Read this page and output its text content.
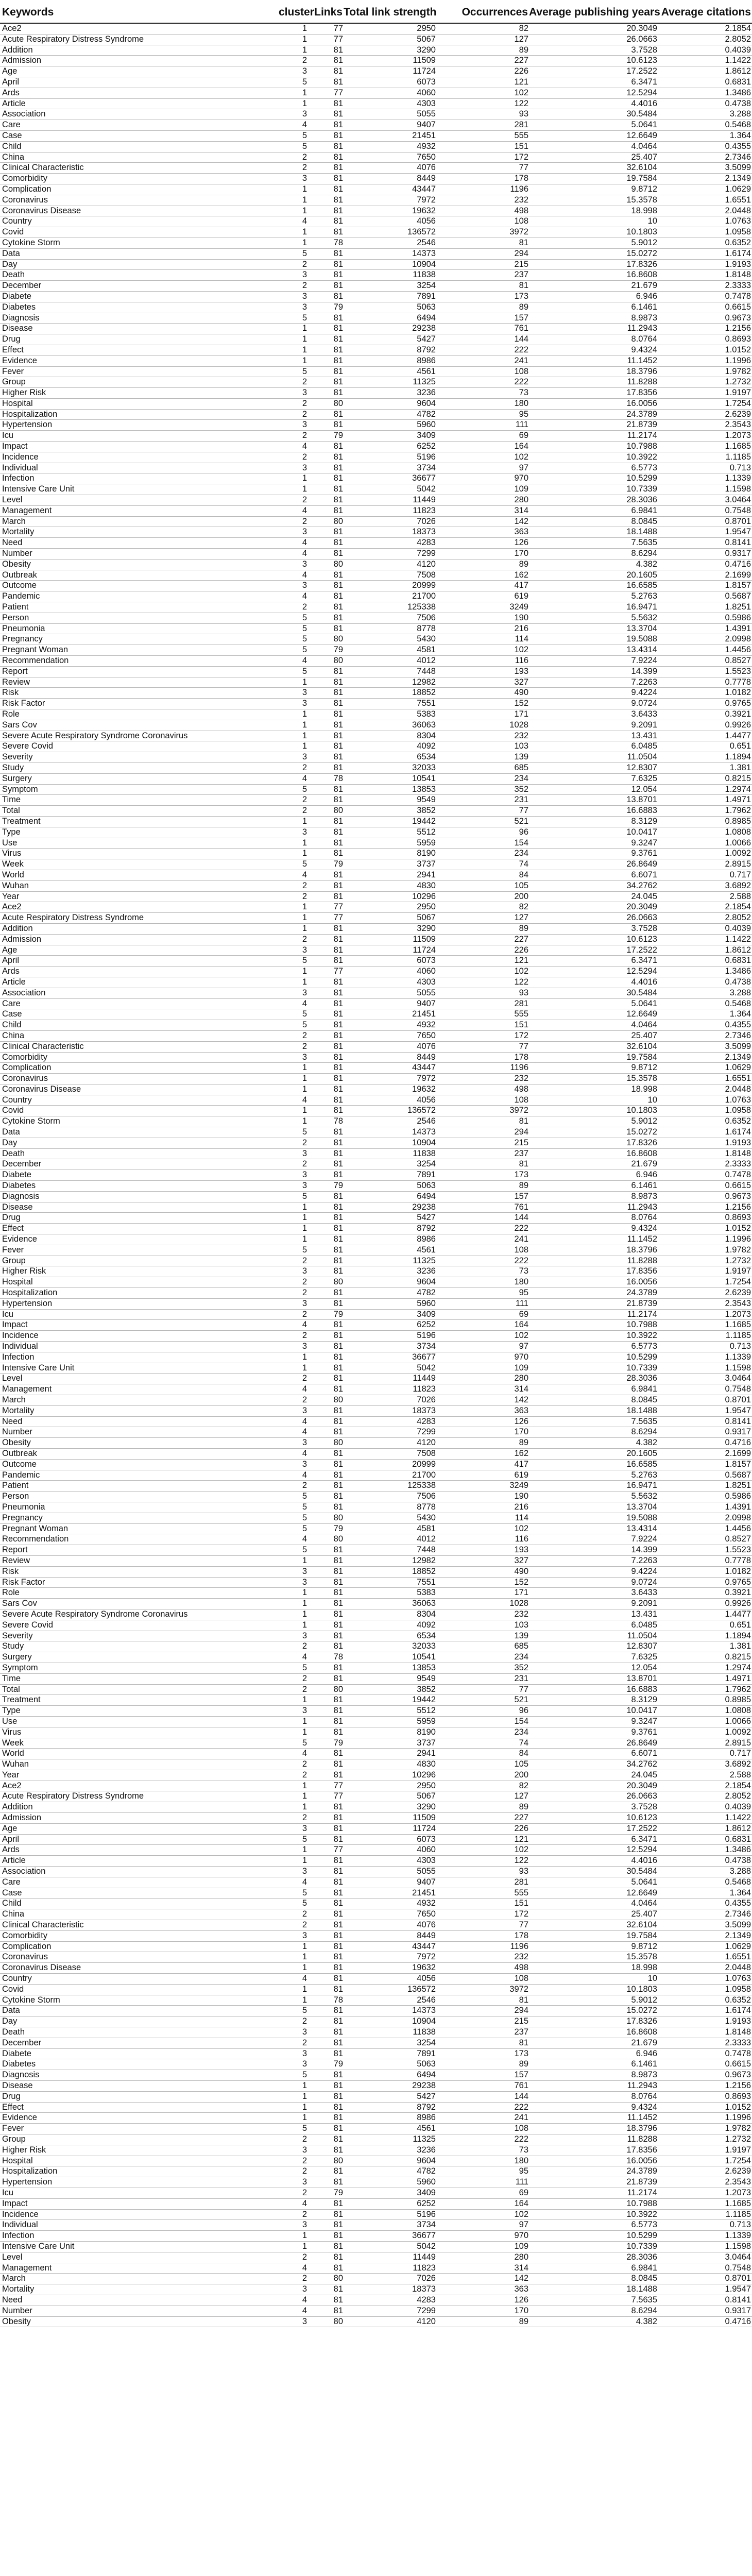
Keywords	cluster	Links	Total link strength	Occurrences	Average publishing years	Average citations
Ace2	1	77	2950	82	20.3049	2.1854
Acute Respiratory Distress Syndrome	1	77	5067	127	26.0663	2.8052
Addition	1	81	3290	89	3.7528	0.4039
Admission	2	81	11509	227	10.6123	1.1422
Age	3	81	11724	226	17.2522	1.8612
April	5	81	6073	121	6.3471	0.6831
Ards	1	77	4060	102	12.5294	1.3486
Article	1	81	4303	122	4.4016	0.4738
Association	3	81	5055	93	30.5484	3.288
Care	4	81	9407	281	5.0641	0.5468
Case	5	81	21451	555	12.6649	1.364
Child	5	81	4932	151	4.0464	0.4355
China	2	81	7650	172	25.407	2.7346
Clinical Characteristic	2	81	4076	77	32.6104	3.5099
Comorbidity	3	81	8449	178	19.7584	2.1349
Complication	1	81	43447	1196	9.8712	1.0629
Coronavirus	1	81	7972	232	15.3578	1.6551
Coronavirus Disease	1	81	19632	498	18.998	2.0448
Country	4	81	4056	108	10	1.0763
Covid	1	81	136572	3972	10.1803	1.0958
Cytokine Storm	1	78	2546	81	5.9012	0.6352
Data	5	81	14373	294	15.0272	1.6174
Day	2	81	10904	215	17.8326	1.9193
Death	3	81	11838	237	16.8608	1.8148
December	2	81	3254	81	21.679	2.3333
Diabete	3	81	7891	173	6.946	0.7478
Diabetes	3	79	5063	89	6.1461	0.6615
Diagnosis	5	81	6494	157	8.9873	0.9673
Disease	1	81	29238	761	11.2943	1.2156
Drug	1	81	5427	144	8.0764	0.8693
Effect	1	81	8792	222	9.4324	1.0152
Evidence	1	81	8986	241	11.1452	1.1996
Fever	5	81	4561	108	18.3796	1.9782
Group	2	81	11325	222	11.8288	1.2732
Higher Risk	3	81	3236	73	17.8356	1.9197
Hospital	2	80	9604	180	16.0056	1.7254
Hospitalization	2	81	4782	95	24.3789	2.6239
Hypertension	3	81	5960	111	21.8739	2.3543
Icu	2	79	3409	69	11.2174	1.2073
Impact	4	81	6252	164	10.7988	1.1685
Incidence	2	81	5196	102	10.3922	1.1185
Individual	3	81	3734	97	6.5773	0.713
Infection	1	81	36677	970	10.5299	1.1339
Intensive Care Unit	1	81	5042	109	10.7339	1.1598
Level	2	81	11449	280	28.3036	3.0464
Management	4	81	11823	314	6.9841	0.7548
March	2	80	7026	142	8.0845	0.8701
Mortality	3	81	18373	363	18.1488	1.9547
Need	4	81	4283	126	7.5635	0.8141
Number	4	81	7299	170	8.6294	0.9317
Obesity	3	80	4120	89	4.382	0.4716
Outbreak	4	81	7508	162	20.1605	2.1699
Outcome	3	81	20999	417	16.6585	1.8157
Pandemic	4	81	21700	619	5.2763	0.5687
Patient	2	81	125338	3249	16.9471	1.8251
Person	5	81	7506	190	5.5632	0.5986
Pneumonia	5	81	8778	216	13.3704	1.4391
Pregnancy	5	80	5430	114	19.5088	2.0998
Pregnant Woman	5	79	4581	102	13.4314	1.4456
Recommendation	4	80	4012	116	7.9224	0.8527
Report	5	81	7448	193	14.399	1.5523
Review	1	81	12982	327	7.2263	0.7778
Risk	3	81	18852	490	9.4224	1.0182
Risk Factor	3	81	7551	152	9.0724	0.9765
Role	1	81	5383	171	3.6433	0.3921
Sars Cov	1	81	36063	1028	9.2091	0.9926
Severe Acute Respiratory Syndrome Coronavirus	1	81	8304	232	13.431	1.4477
Severe Covid	1	81	4092	103	6.0485	0.651
Severity	3	81	6534	139	11.0504	1.1894
Study	2	81	32033	685	12.8307	1.381
Surgery	4	78	10541	234	7.6325	0.8215
Symptom	5	81	13853	352	12.054	1.2974
Time	2	81	9549	231	13.8701	1.4971
Total	2	80	3852	77	16.6883	1.7962
Treatment	1	81	19442	521	8.3129	0.8985
Type	3	81	5512	96	10.0417	1.0808
Use	1	81	5959	154	9.3247	1.0066
Virus	1	81	8190	234	9.3761	1.0092
Week	5	79	3737	74	26.8649	2.8915
World	4	81	2941	84	6.6071	0.717
Wuhan	2	81	4830	105	34.2762	3.6892
Year	2	81	10296	200	24.045	2.588
Ace2	1	77	2950	82	20.3049	2.1854
Acute Respiratory Distress Syndrome	1	77	5067	127	26.0663	2.8052
Addition	1	81	3290	89	3.7528	0.4039
Admission	2	81	11509	227	10.6123	1.1422
Age	3	81	11724	226	17.2522	1.8612
April	5	81	6073	121	6.3471	0.6831
Ards	1	77	4060	102	12.5294	1.3486
Article	1	81	4303	122	4.4016	0.4738
Association	3	81	5055	93	30.5484	3.288
Care	4	81	9407	281	5.0641	0.5468
Case	5	81	21451	555	12.6649	1.364
Child	5	81	4932	151	4.0464	0.4355
China	2	81	7650	172	25.407	2.7346
Clinical Characteristic	2	81	4076	77	32.6104	3.5099
Comorbidity	3	81	8449	178	19.7584	2.1349
Complication	1	81	43447	1196	9.8712	1.0629
Coronavirus	1	81	7972	232	15.3578	1.6551
Coronavirus Disease	1	81	19632	498	18.998	2.0448
Country	4	81	4056	108	10	1.0763
Covid	1	81	136572	3972	10.1803	1.0958
Cytokine Storm	1	78	2546	81	5.9012	0.6352
Data	5	81	14373	294	15.0272	1.6174
Day	2	81	10904	215	17.8326	1.9193
Death	3	81	11838	237	16.8608	1.8148
December	2	81	3254	81	21.679	2.3333
Diabete	3	81	7891	173	6.946	0.7478
Diabetes	3	79	5063	89	6.1461	0.6615
Diagnosis	5	81	6494	157	8.9873	0.9673
Disease	1	81	29238	761	11.2943	1.2156
Drug	1	81	5427	144	8.0764	0.8693
Effect	1	81	8792	222	9.4324	1.0152
Evidence	1	81	8986	241	11.1452	1.1996
Fever	5	81	4561	108	18.3796	1.9782
Group	2	81	11325	222	11.8288	1.2732
Higher Risk	3	81	3236	73	17.8356	1.9197
Hospital	2	80	9604	180	16.0056	1.7254
Hospitalization	2	81	4782	95	24.3789	2.6239
Hypertension	3	81	5960	111	21.8739	2.3543
Icu	2	79	3409	69	11.2174	1.2073
Impact	4	81	6252	164	10.7988	1.1685
Incidence	2	81	5196	102	10.3922	1.1185
Individual	3	81	3734	97	6.5773	0.713
Infection	1	81	36677	970	10.5299	1.1339
Intensive Care Unit	1	81	5042	109	10.7339	1.1598
Level	2	81	11449	280	28.3036	3.0464
Management	4	81	11823	314	6.9841	0.7548
March	2	80	7026	142	8.0845	0.8701
Mortality	3	81	18373	363	18.1488	1.9547
Need	4	81	4283	126	7.5635	0.8141
Number	4	81	7299	170	8.6294	0.9317
Obesity	3	80	4120	89	4.382	0.4716
Outbreak	4	81	7508	162	20.1605	2.1699
Outcome	3	81	20999	417	16.6585	1.8157
Pandemic	4	81	21700	619	5.2763	0.5687
Patient	2	81	125338	3249	16.9471	1.8251
Person	5	81	7506	190	5.5632	0.5986
Pneumonia	5	81	8778	216	13.3704	1.4391
Pregnancy	5	80	5430	114	19.5088	2.0998
Pregnant Woman	5	79	4581	102	13.4314	1.4456
Recommendation	4	80	4012	116	7.9224	0.8527
Report	5	81	7448	193	14.399	1.5523
Review	1	81	12982	327	7.2263	0.7778
Risk	3	81	18852	490	9.4224	1.0182
Risk Factor	3	81	7551	152	9.0724	0.9765
Role	1	81	5383	171	3.6433	0.3921
Sars Cov	1	81	36063	1028	9.2091	0.9926
Severe Acute Respiratory Syndrome Coronavirus	1	81	8304	232	13.431	1.4477
Severe Covid	1	81	4092	103	6.0485	0.651
Severity	3	81	6534	139	11.0504	1.1894
Study	2	81	32033	685	12.8307	1.381
Surgery	4	78	10541	234	7.6325	0.8215
Symptom	5	81	13853	352	12.054	1.2974
Time	2	81	9549	231	13.8701	1.4971
Total	2	80	3852	77	16.6883	1.7962
Treatment	1	81	19442	521	8.3129	0.8985
Type	3	81	5512	96	10.0417	1.0808
Use	1	81	5959	154	9.3247	1.0066
Virus	1	81	8190	234	9.3761	1.0092
Week	5	79	3737	74	26.8649	2.8915
World	4	81	2941	84	6.6071	0.717
Wuhan	2	81	4830	105	34.2762	3.6892
Year	2	81	10296	200	24.045	2.588
Ace2	1	77	2950	82	20.3049	2.1854
Acute Respiratory Distress Syndrome	1	77	5067	127	26.0663	2.8052
Addition	1	81	3290	89	3.7528	0.4039
Admission	2	81	11509	227	10.6123	1.1422
Age	3	81	11724	226	17.2522	1.8612
April	5	81	6073	121	6.3471	0.6831
Ards	1	77	4060	102	12.5294	1.3486
Article	1	81	4303	122	4.4016	0.4738
Association	3	81	5055	93	30.5484	3.288
Care	4	81	9407	281	5.0641	0.5468
Case	5	81	21451	555	12.6649	1.364
Child	5	81	4932	151	4.0464	0.4355
China	2	81	7650	172	25.407	2.7346
Clinical Characteristic	2	81	4076	77	32.6104	3.5099
Comorbidity	3	81	8449	178	19.7584	2.1349
Complication	1	81	43447	1196	9.8712	1.0629
Coronavirus	1	81	7972	232	15.3578	1.6551
Coronavirus Disease	1	81	19632	498	18.998	2.0448
Country	4	81	4056	108	10	1.0763
Covid	1	81	136572	3972	10.1803	1.0958
Cytokine Storm	1	78	2546	81	5.9012	0.6352
Data	5	81	14373	294	15.0272	1.6174
Day	2	81	10904	215	17.8326	1.9193
Death	3	81	11838	237	16.8608	1.8148
December	2	81	3254	81	21.679	2.3333
Diabete	3	81	7891	173	6.946	0.7478
Diabetes	3	79	5063	89	6.1461	0.6615
Diagnosis	5	81	6494	157	8.9873	0.9673
Disease	1	81	29238	761	11.2943	1.2156
Drug	1	81	5427	144	8.0764	0.8693
Effect	1	81	8792	222	9.4324	1.0152
Evidence	1	81	8986	241	11.1452	1.1996
Fever	5	81	4561	108	18.3796	1.9782
Group	2	81	11325	222	11.8288	1.2732
Higher Risk	3	81	3236	73	17.8356	1.9197
Hospital	2	80	9604	180	16.0056	1.7254
Hospitalization	2	81	4782	95	24.3789	2.6239
Hypertension	3	81	5960	111	21.8739	2.3543
Icu	2	79	3409	69	11.2174	1.2073
Impact	4	81	6252	164	10.7988	1.1685
Incidence	2	81	5196	102	10.3922	1.1185
Individual	3	81	3734	97	6.5773	0.713
Infection	1	81	36677	970	10.5299	1.1339
Intensive Care Unit	1	81	5042	109	10.7339	1.1598
Level	2	81	11449	280	28.3036	3.0464
Management	4	81	11823	314	6.9841	0.7548
March	2	80	7026	142	8.0845	0.8701
Mortality	3	81	18373	363	18.1488	1.9547
Need	4	81	4283	126	7.5635	0.8141
Number	4	81	7299	170	8.6294	0.9317
Obesity	3	80	4120	89	4.382	0.4716
